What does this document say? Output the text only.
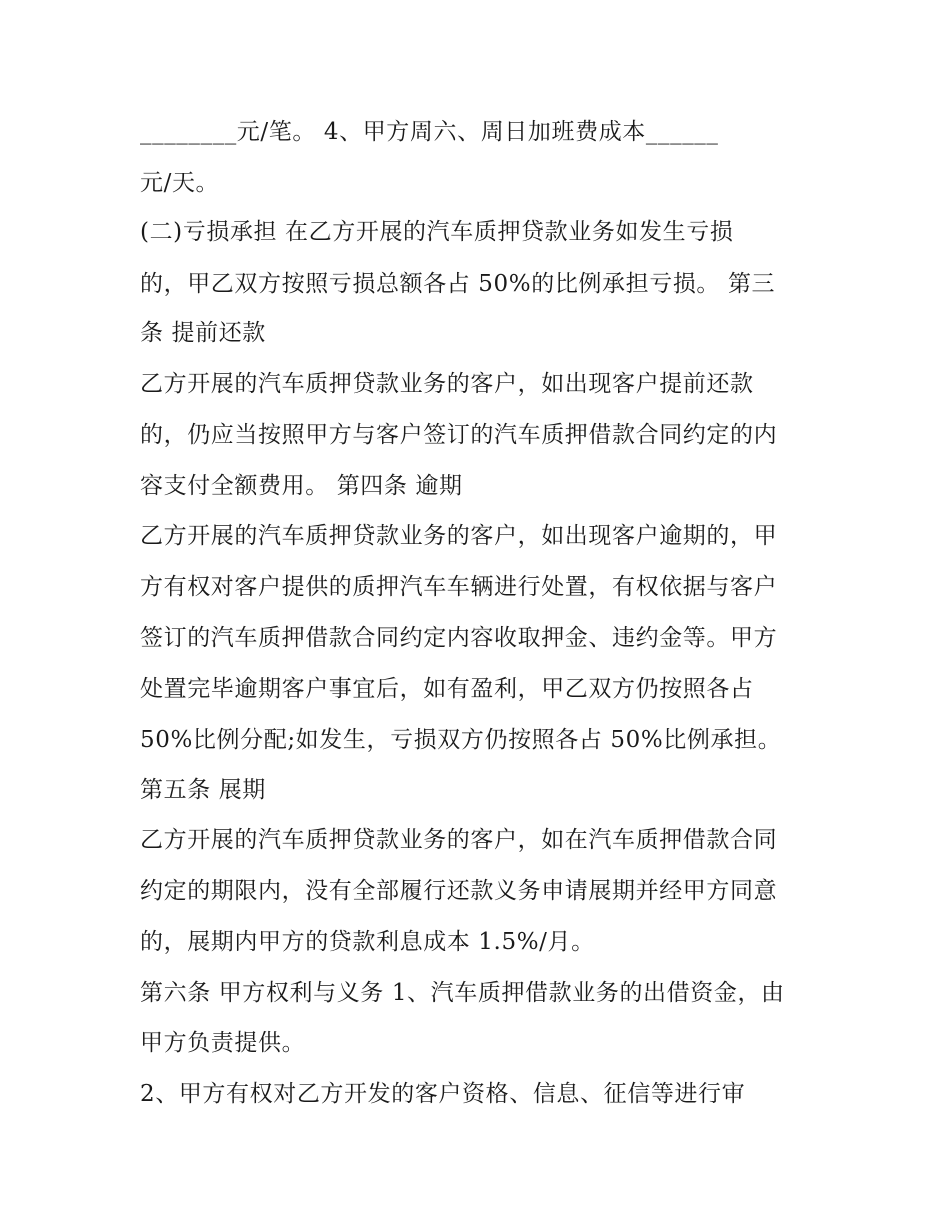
________元/笔。 4、甲方周六、周日加班费成本______

元/天。

(二)亏损承担 在乙方开展的汽车质押贷款业务如发生亏损

的，甲乙双方按照亏损总额各占 50%的比例承担亏损。 第三

条 提前还款

乙方开展的汽车质押贷款业务的客户，如出现客户提前还款

的，仍应当按照甲方与客户签订的汽车质押借款合同约定的内

容支付全额费用。 第四条 逾期

乙方开展的汽车质押贷款业务的客户，如出现客户逾期的，甲

方有权对客户提供的质押汽车车辆进行处置，有权依据与客户

签订的汽车质押借款合同约定内容收取押金、违约金等。甲方

处置完毕逾期客户事宜后，如有盈利，甲乙双方仍按照各占

50%比例分配;如发生，亏损双方仍按照各占 50%比例承担。

第五条 展期

乙方开展的汽车质押贷款业务的客户，如在汽车质押借款合同

约定的期限内，没有全部履行还款义务申请展期并经甲方同意

的，展期内甲方的贷款利息成本 1.5%/月。

第六条 甲方权利与义务 1、汽车质押借款业务的出借资金，由

甲方负责提供。

2、甲方有权对乙方开发的客户资格、信息、征信等进行审
